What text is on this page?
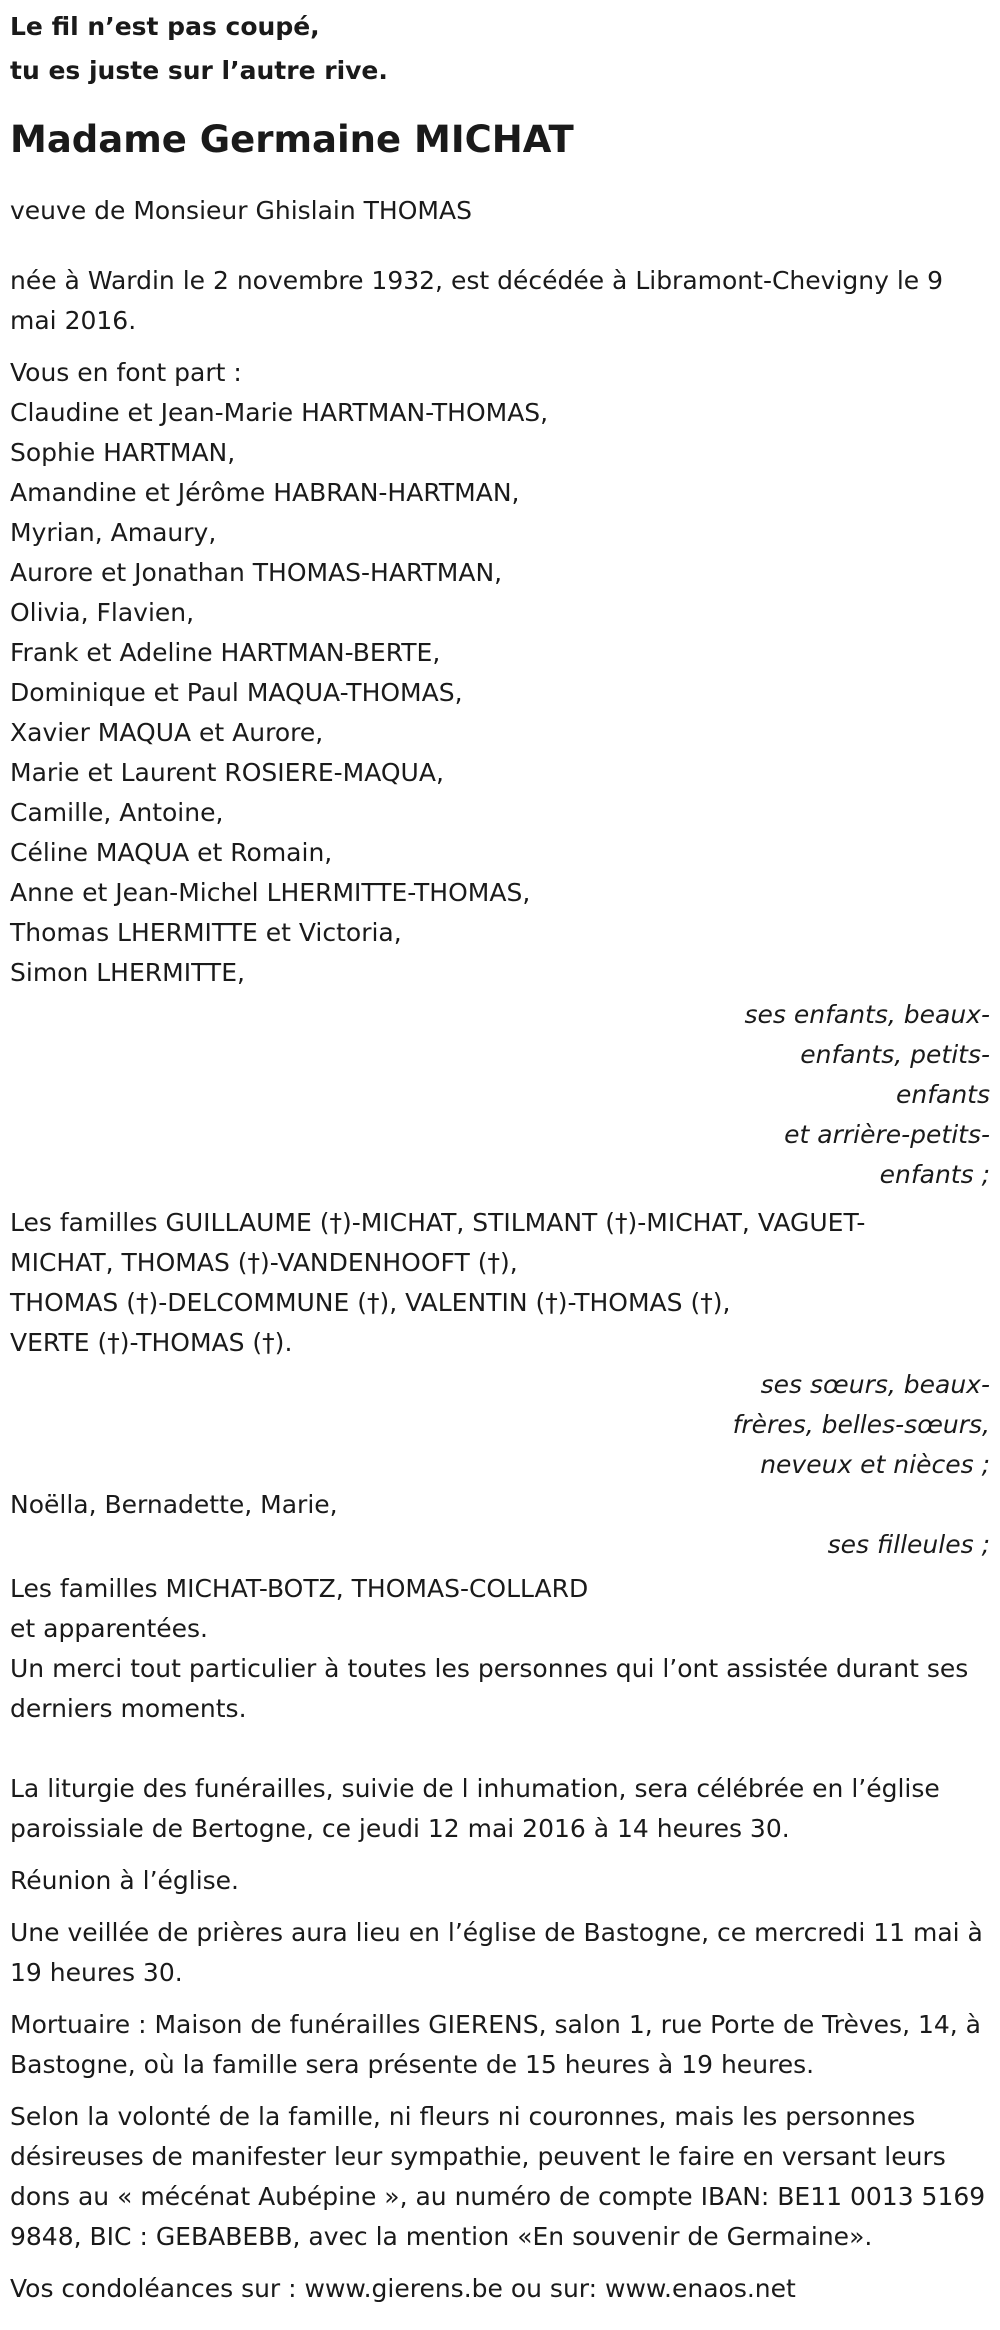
Le fil n’est pas coupé,
tu es juste sur l’autre rive.
Madame Germaine MICHAT
veuve de Monsieur Ghislain THOMAS
née à Wardin le 2 novembre 1932, est décédée à Libramont-Chevigny le 9 mai 2016.
Vous en font part :
Claudine et Jean-Marie HARTMAN-THOMAS,
Sophie HARTMAN,
Amandine et Jérôme HABRAN-HARTMAN,
Myrian, Amaury,
Aurore et Jonathan THOMAS-HARTMAN,
Olivia, Flavien,
Frank et Adeline HARTMAN-BERTE,
Dominique et Paul MAQUA-THOMAS,
Xavier MAQUA et Aurore,
Marie et Laurent ROSIERE-MAQUA,
Camille, Antoine,
Céline MAQUA et Romain,
Anne et Jean-Michel LHERMITTE-THOMAS,
Thomas LHERMITTE et Victoria,
Simon LHERMITTE,
ses enfants, beaux-enfants, petits-enfants
et arrière-petits-enfants ;
Les familles GUILLAUME (†)-MICHAT, STILMANT (†)-MICHAT, VAGUET-
MICHAT, THOMAS (†)-VANDENHOOFT (†),
THOMAS (†)-DELCOMMUNE (†), VALENTIN (†)-THOMAS (†),
VERTE (†)-THOMAS (†).
ses sœurs, beaux-frères, belles-sœurs,
neveux et nièces ;
Noëlla, Bernadette, Marie,
ses filleules ;
Les familles MICHAT-BOTZ, THOMAS-COLLARD
et apparentées.
Un merci tout particulier à toutes les personnes qui l’ont assistée durant ses derniers moments.
La liturgie des funérailles, suivie de l inhumation, sera célébrée en l’église paroissiale de Bertogne, ce jeudi 12 mai 2016 à 14 heures 30.
Réunion à l’église.
Une veillée de prières aura lieu en l’église de Bastogne, ce mercredi 11 mai à 19 heures 30.
Mortuaire : Maison de funérailles GIERENS, salon 1, rue Porte de Trèves, 14, à Bastogne, où la famille sera présente de 15 heures à 19 heures.
Selon la volonté de la famille, ni fleurs ni couronnes, mais les personnes désireuses de manifester leur sympathie, peuvent le faire en versant leurs dons au « mécénat Aubépine », au numéro de compte IBAN: BE11 0013 5169 9848, BIC : GEBABEBB, avec la mention «En souvenir de Germaine».
Vos condoléances sur : www.gierens.be ou sur: www.enaos.net
